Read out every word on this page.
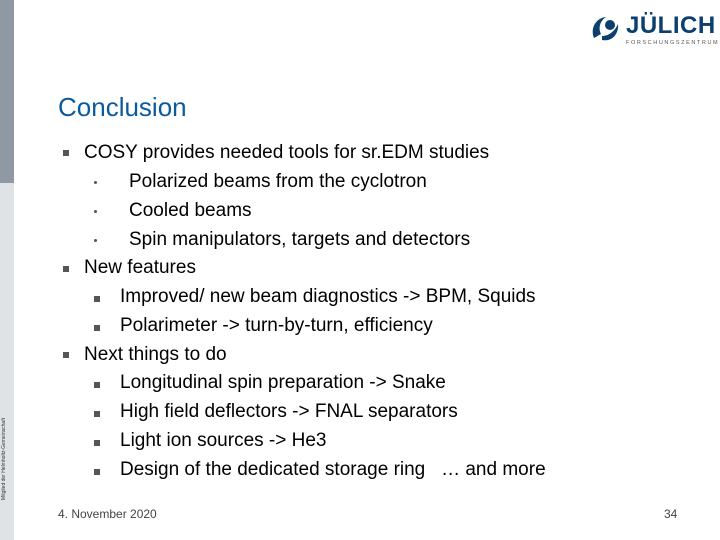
Mitglied der Helmholtz-Gemeinschaft
JÜLICH
FORSCHUNGSZENTRUM
Conclusion
COSY provides needed tools for sr.EDM studies
Polarized beams from the cyclotron
Cooled beams
Spin manipulators, targets and detectors
New features
Improved/ new beam diagnostics -> BPM, Squids
Polarimeter -> turn-by-turn, efficiency
Next things to do
Longitudinal spin preparation -> Snake
High field deflectors -> FNAL separators
Light ion sources -> He3
Design of the dedicated storage ring   … and more
4. November 2020	34
